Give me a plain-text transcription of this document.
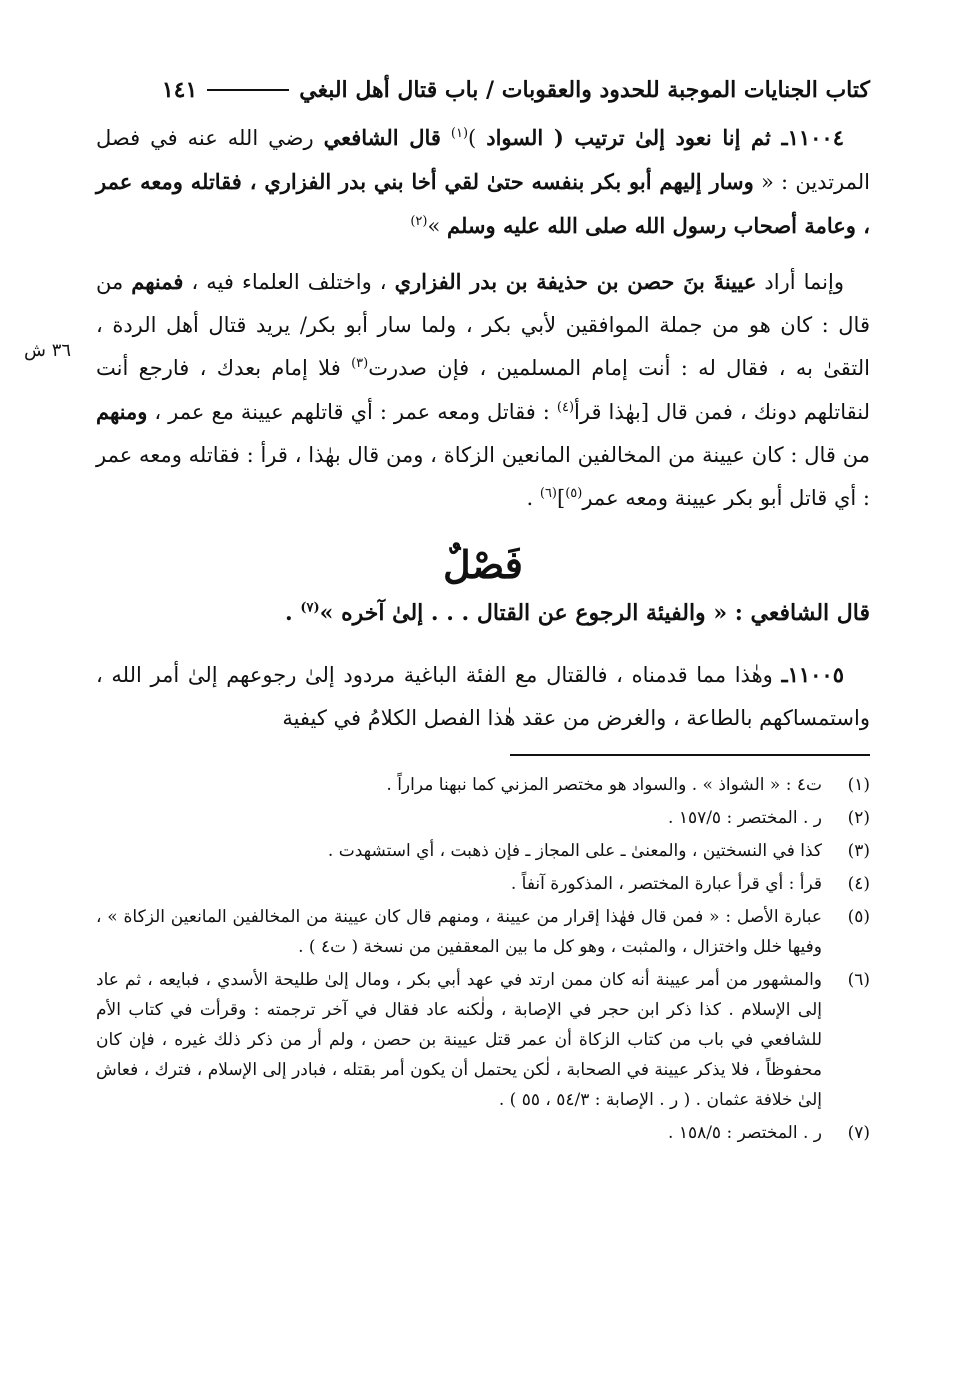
كتاب الجنايات الموجبة للحدود والعقوبات / باب قتال أهل البغي
١٤١
٣٦ ش

١١٠٠٤ـ ثم إنا نعود إلىٰ ترتيب ( السواد )$^{(١)}$ قال الشافعي رضي الله عنه في فصل المرتدين : « وسار إليهم أبو بكر بنفسه حتىٰ لقي أخا بني بدر الفزاري ، فقاتله ومعه عمر ، وعامة أصحاب رسول الله صلى الله عليه وسلم »$^{(٢)}$

وإنما أراد عيينةَ بنَ حصن بن حذيفة بن بدر الفزاري ، واختلف العلماء فيه ، فمنهم من قال : كان هو من جملة الموافقين لأبي بكر ، ولما سار أبو بكر/ يريد قتال أهل الردة ، التقىٰ به ، فقال له : أنت إمام المسلمين ، فإن صدرت$^{(٣)}$ فلا إمام بعدك ، فارجع أنت لنقاتلهم دونك ، فمن قال [بهٰذا قرأ$^{(٤)}$ : فقاتل ومعه عمر : أي قاتلهم عيينة مع عمر ، ومنهم من قال : كان عيينة من المخالفين المانعين الزكاة ، ومن قال بهٰذا ، قرأ : فقاتله ومعه عمر : أي قاتل أبو بكر عيينة ومعه عمر$^{(٥)}$]$^{(٦)}$ .

فَصْلٌ

قال الشافعي : « والفيئة الرجوع عن القتال . . . إلىٰ آخره »$^{(٧)}$ .

١١٠٠٥ـ وهٰذا مما قدمناه ، فالقتال مع الفئة الباغية مردود إلىٰ رجوعهم إلىٰ أمر الله ، واستمساكهم بالطاعة ، والغرض من عقد هٰذا الفصل الكلامُ في كيفية

(١)
ت٤ : « الشواذ » . والسواد هو مختصر المزني كما نبهنا مراراً .
(٢)
ر . المختصر : ١٥٧/٥ .
(٣)
كذا في النسختين ، والمعنىٰ ـ على المجاز ـ فإن ذهبت ، أي استشهدت .
(٤)
قرأ : أي قرأ عبارة المختصر ، المذكورة آنفاً .
(٥)
عبارة الأصل : « فمن قال فهٰذا إقرار من عيينة ، ومنهم قال كان عيينة من المخالفين المانعين الزكاة » ، وفيها خلل واختزال ، والمثبت ، وهو كل ما بين المعقفين من نسخة ( ت٤ ) .
(٦)
والمشهور من أمر عيينة أنه كان ممن ارتد في عهد أبي بكر ، ومال إلىٰ طليحة الأسدي ، فبايعه ، ثم عاد إلى الإسلام . كذا ذكر ابن حجر في الإصابة ، ولٰكنه عاد فقال في آخر ترجمته : وقرأت في كتاب الأم للشافعي في باب من كتاب الزكاة أن عمر قتل عيينة بن حصن ، ولم أر من ذكر ذلك غيره ، فإن كان محفوظاً ، فلا يذكر عيينة في الصحابة ، لٰكن يحتمل أن يكون أمر بقتله ، فبادر إلى الإسلام ، فترك ، فعاش إلىٰ خلافة عثمان . ( ر . الإصابة : ٥٤/٣ ، ٥٥ ) .
(٧)
ر . المختصر : ١٥٨/٥ .
